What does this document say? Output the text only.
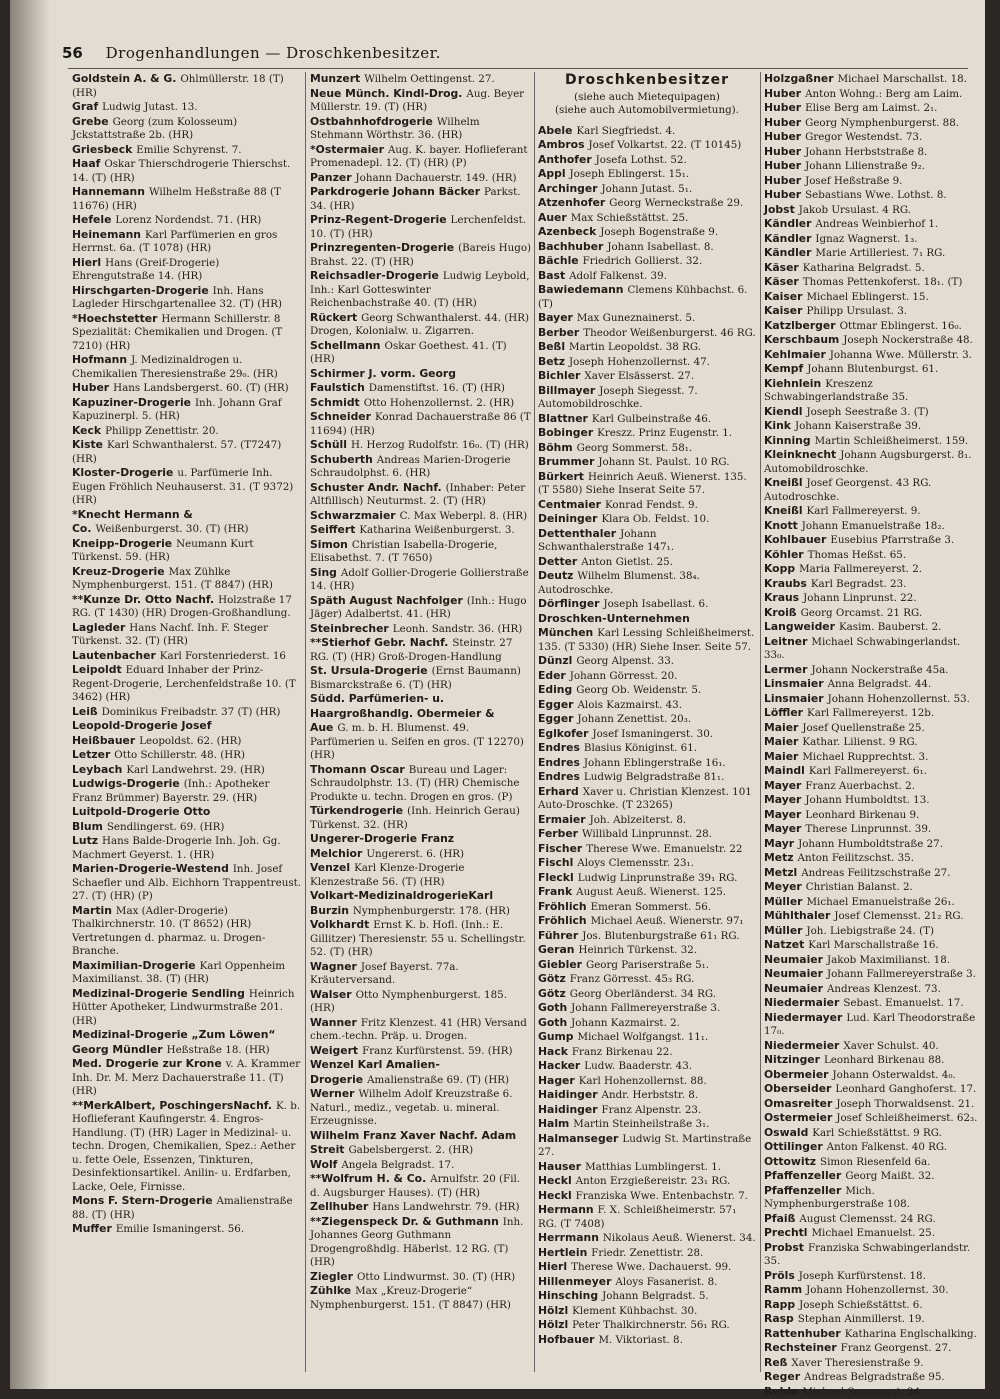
56 Drogenhandlungen — Droschkenbesitzer.
Goldstein A. & G. Ohlmüllerstr. 18 (T) (HR)
Graf Ludwig Jutast. 13.
Grebe Georg (zum Kolosseum) Jckstattstraße 2b. (HR)
Griesbeck Emilie Schyrenst. 7.
Haaf Oskar Thierschdrogerie Thierschst. 14. (T) (HR)
Hannemann Wilhelm Heßstraße 88 (T 11676) (HR)
Hefele Lorenz Nordendst. 71. (HR)
Heinemann Karl Parfümerien en gros Herrnst. 6a. (T 1078) (HR)
Hierl Hans (Greif-Drogerie) Ehrengutstraße 14. (HR)
Hirschgarten-Drogerie Inh. Hans Lagleder Hirschgartenallee 32. (T) (HR)
*Hoechstetter Hermann Schillerstr. 8 Spezialität: Chemikalien und Drogen. (T 7210) (HR)
Hofmann J. Medizinaldrogen u. Chemikalien Theresienstraße 29₀. (HR)
Huber Hans Landsbergerst. 60. (T) (HR)
Kapuziner-Drogerie Inh. Johann Graf Kapuzinerpl. 5. (HR)
Keck Philipp Zenettistr. 20.
Kiste Karl Schwanthalerst. 57. (T7247) (HR)
Kloster-Drogerie u. Parfümerie Inh. Eugen Fröhlich Neuhauserst. 31. (T 9372) (HR)
*Knecht Hermann & Co. Weißenburgerst. 30. (T) (HR)
Kneipp-Drogerie Neumann Kurt Türkenst. 59. (HR)
Kreuz-Drogerie Max Zühlke Nymphenburgerst. 151. (T 8847) (HR)
**Kunze Dr. Otto Nachf. Holzstraße 17 RG. (T 1430) (HR) Drogen-Großhandlung.
Lagleder Hans Nachf. Inh. F. Steger Türkenst. 32. (T) (HR)
Lautenbacher Karl Forstenriederst. 16
Leipoldt Eduard Inhaber der Prinz-Regent-Drogerie, Lerchenfeldstraße 10. (T 3462) (HR)
Leiß Dominikus Freibadstr. 37 (T) (HR)
Leopold-Drogerie Josef Heißbauer Leopoldst. 62. (HR)
Letzer Otto Schillerstr. 48. (HR)
Leybach Karl Landwehrst. 29. (HR)
Ludwigs-Drogerie (Inh.: Apotheker Franz Brümmer) Bayerstr. 29. (HR)
Luitpold-Drogerie Otto Blum Sendlingerst. 69. (HR)
Lutz Hans Balde-Drogerie Inh. Joh. Gg. Machmert Geyerst. 1. (HR)
Marien-Drogerie-Westend Inh. Josef Schaefler und Alb. Eichhorn Trappentreust. 27. (T) (HR) (P)
Martin Max (Adler-Drogerie) Thalkirchnerstr. 10. (T 8652) (HR) Vertretungen d. pharmaz. u. Drogen-Branche.
Maximilian-Drogerie Karl Oppenheim Maximilianst. 38. (T) (HR)
Medizinal-Drogerie Sendling Heinrich Hütter Apotheker, Lindwurmstraße 201. (HR)
Medizinal-Drogerie „Zum Löwen“ Georg Mündler Heßstraße 18. (HR)
Med. Drogerie zur Krone v. A. Krammer Inh. Dr. M. Merz Dachauerstraße 11. (T) (HR)
**MerkAlbert, PoschingersNachf. K. b. Hoflieferant Kaufingerstr. 4. Engros-Handlung. (T) (HR) Lager in Medizinal- u. techn. Drogen, Chemikalien, Spez.: Aether u. fette Oele, Essenzen, Tinkturen, Desinfektionsartikel. Anilin- u. Erdfarben, Lacke, Oele, Firnisse.
Mons F. Stern-Drogerie Amalienstraße 88. (T) (HR)
Muffer Emilie Ismaningerst. 56.
Munzert Wilhelm Oettingenst. 27.
Neue Münch. Kindl-Drog. Aug. Beyer Müllerstr. 19. (T) (HR)
Ostbahnhofdrogerie Wilhelm Stehmann Wörthstr. 36. (HR)
*Ostermaier Aug. K. bayer. Hoflieferant Promenadepl. 12. (T) (HR) (P)
Panzer Johann Dachauerstr. 149. (HR)
Parkdrogerie Johann Bäcker Parkst. 34. (HR)
Prinz-Regent-Drogerie Lerchenfeldst. 10. (T) (HR)
Prinzregenten-Drogerie (Bareis Hugo) Brahst. 22. (T) (HR)
Reichsadler-Drogerie Ludwig Leybold, Inh.: Karl Gotteswinter Reichenbachstraße 40. (T) (HR)
Rückert Georg Schwanthalerst. 44. (HR) Drogen, Kolonialw. u. Zigarren.
Schellmann Oskar Goethest. 41. (T) (HR)
Schirmer J. vorm. Georg Faulstich Damenstiftst. 16. (T) (HR)
Schmidt Otto Hohenzollernst. 2. (HR)
Schneider Konrad Dachauerstraße 86 (T 11694) (HR)
Schüll H. Herzog Rudolfstr. 16₀. (T) (HR)
Schuberth Andreas Marien-Drogerie Schraudolphst. 6. (HR)
Schuster Andr. Nachf. (Inhaber: Peter Altfillisch) Neuturmst. 2. (T) (HR)
Schwarzmaier C. Max Weberpl. 8. (HR)
Seiffert Katharina Weißenburgerst. 3.
Simon Christian Isabella-Drogerie, Elisabethst. 7. (T 7650)
Sing Adolf Gollier-Drogerie Gollierstraße 14. (HR)
Späth August Nachfolger (Inh.: Hugo Jäger) Adalbertst. 41. (HR)
Steinbrecher Leonh. Sandstr. 36. (HR)
**Stierhof Gebr. Nachf. Steinstr. 27 RG. (T) (HR) Groß-Drogen-Handlung
St. Ursula-Drogerie (Ernst Baumann) Bismarckstraße 6. (T) (HR)
Südd. Parfümerien- u. Haargroßhandlg. Obermeier & Aue G. m. b. H. Blumenst. 49. Parfümerien u. Seifen en gros. (T 12270) (HR)
Thomann Oscar Bureau und Lager: Schraudolphstr. 13. (T) (HR) Chemische Produkte u. techn. Drogen en gros. (P)
Türkendrogerie (Inh. Heinrich Gerau) Türkenst. 32. (HR)
Ungerer-Drogerie Franz Melchior Ungererst. 6. (HR)
Venzel Karl Klenze-Drogerie Klenzestraße 56. (T) (HR)
Volkart-MedizinaldrogerieKarl Burzin Nymphenburgerstr. 178. (HR)
Volkhardt Ernst K. b. Hofl. (Inh.: E. Gillitzer) Theresienstr. 55 u. Schellingstr. 52. (T) (HR)
Wagner Josef Bayerst. 77a. Kräuterversand.
Walser Otto Nymphenburgerst. 185. (HR)
Wanner Fritz Klenzest. 41 (HR) Versand chem.-techn. Präp. u. Drogen.
Weigert Franz Kurfürstenst. 59. (HR)
Wenzel Karl Amalien-Drogerie Amalienstraße 69. (T) (HR)
Werner Wilhelm Adolf Kreuzstraße 6. Naturl., mediz., vegetab. u. mineral. Erzeugnisse.
Wilhelm Franz Xaver Nachf. Adam Streit Gabelsbergerst. 2. (HR)
Wolf Angela Belgradst. 17.
**Wolfrum H. & Co. Arnulfstr. 20 (Fil. d. Augsburger Hauses). (T) (HR)
Zellhuber Hans Landwehrstr. 79. (HR)
**Ziegenspeck Dr. & Guthmann Inh. Johannes Georg Guthmann Drogengroßhdlg. Häberlst. 12 RG. (T) (HR)
Ziegler Otto Lindwurmst. 30. (T) (HR)
Zühlke Max „Kreuz-Drogerie“ Nymphenburgerst. 151. (T 8847) (HR)
Droschkenbesitzer
(siehe auch Mietequipagen)
(siehe auch Automobilvermietung).
Abele Karl Siegfriedst. 4.
Ambros Josef Volkartst. 22. (T 10145)
Anthofer Josefa Lothst. 52.
Appl Joseph Eblingerst. 15₁.
Archinger Johann Jutast. 5₁.
Atzenhofer Georg Werneckstraße 29.
Auer Max Schießstättst. 25.
Azenbeck Joseph Bogenstraße 9.
Bachhuber Johann Isabellast. 8.
Bächle Friedrich Gollierst. 32.
Bast Adolf Falkenst. 39.
Bawiedemann Clemens Kühbachst. 6. (T)
Bayer Max Guneznainerst. 5.
Berber Theodor Weißenburgerst. 46 RG.
Beßl Martin Leopoldst. 38 RG.
Betz Joseph Hohenzollernst. 47.
Bichler Xaver Elsässerst. 27.
Billmayer Joseph Siegesst. 7. Automobildroschke.
Blattner Karl Gulbeinstraße 46.
Bobinger Kreszz. Prinz Eugenstr. 1.
Böhm Georg Sommerst. 58₁.
Brummer Johann St. Paulst. 10 RG.
Bürkert Heinrich Aeuß. Wienerst. 135. (T 5580) Siehe Inserat Seite 57.
Centmaier Konrad Fendst. 9.
Deininger Klara Ob. Feldst. 10.
Dettenthaler Johann Schwanthalerstraße 147₁.
Detter Anton Gietlst. 25.
Deutz Wilhelm Blumenst. 38₄. Autodroschke.
Dörflinger Joseph Isabellast. 6.
Droschken-Unternehmen München Karl Lessing Schleißheimerst. 135. (T 5330) (HR) Siehe Inser. Seite 57.
Dünzl Georg Alpenst. 33.
Eder Johann Görresst. 20.
Eding Georg Ob. Weidenstr. 5.
Egger Alois Kazmairst. 43.
Egger Johann Zenettist. 20₃.
Eglkofer Josef Ismaningerst. 30.
Endres Blasius Königinst. 61.
Endres Johann Eblingerstraße 16₁.
Endres Ludwig Belgradstraße 81₁.
Erhard Xaver u. Christian Klenzest. 101 Auto-Droschke. (T 23265)
Ermaier Joh. Ablzeiterst. 8.
Ferber Willibald Linprunnst. 28.
Fischer Therese Wwe. Emanuelstr. 22
Fischl Aloys Clemensstr. 23₁.
Fleckl Ludwig Linprunstraße 39₁ RG.
Frank August Aeuß. Wienerst. 125.
Fröhlich Emeran Sommerst. 56.
Fröhlich Michael Aeuß. Wienerstr. 97₁
Führer Jos. Blutenburgstraße 61₁ RG.
Geran Heinrich Türkenst. 32.
Giebler Georg Pariserstraße 5₁.
Götz Franz Görresst. 45₃ RG.
Götz Georg Oberländerst. 34 RG.
Goth Johann Fallmereyerstraße 3.
Goth Johann Kazmairst. 2.
Gump Michael Wolfgangst. 11₁.
Hack Franz Birkenau 22.
Hacker Ludw. Baaderstr. 43.
Hager Karl Hohenzollernst. 88.
Haidinger Andr. Herbststr. 8.
Haidinger Franz Alpenstr. 23.
Halm Martin Steinheilstraße 3₁.
Halmanseger Ludwig St. Martinstraße 27.
Hauser Matthias Lumblingerst. 1.
Heckl Anton Erzgießereistr. 23₁ RG.
Heckl Franziska Wwe. Entenbachstr. 7.
Hermann F. X. Schleißheimerstr. 57₁ RG. (T 7408)
Herrmann Nikolaus Aeuß. Wienerst. 34.
Hertlein Friedr. Zenettistr. 28.
Hierl Therese Wwe. Dachauerst. 99.
Hillenmeyer Aloys Fasanerist. 8.
Hinsching Johann Belgradst. 5.
Hölzl Klement Kühbachst. 30.
Hölzl Peter Thalkirchnerstr. 56₁ RG.
Hofbauer M. Viktoriast. 8.
Holzgaßner Michael Marschallst. 18.
Huber Anton Wohng.: Berg am Laim.
Huber Elise Berg am Laimst. 2₁.
Huber Georg Nymphenburgerst. 88.
Huber Gregor Westendst. 73.
Huber Johann Herbststraße 8.
Huber Johann Lilienstraße 9₂.
Huber Josef Heßstraße 9.
Huber Sebastians Wwe. Lothst. 8.
Jobst Jakob Ursulast. 4 RG.
Kändler Andreas Weinbierhof 1.
Kändler Ignaz Wagnerst. 1₃.
Kändler Marie Artilleriest. 7₁ RG.
Käser Katharina Belgradst. 5.
Käser Thomas Pettenkoferst. 18₁. (T)
Kaiser Michael Eblingerst. 15.
Kaiser Philipp Ursulast. 3.
Katzlberger Ottmar Eblingerst. 16₀.
Kerschbaum Joseph Nockerstraße 48.
Kehlmaier Johanna Wwe. Müllerstr. 3.
Kempf Johann Blutenburgst. 61.
Kiehnlein Kreszenz Schwabingerlandstraße 35.
Kiendl Joseph Seestraße 3. (T)
Kink Johann Kaiserstraße 39.
Kinning Martin Schleißheimerst. 159.
Kleinknecht Johann Augsburgerst. 8₁. Automobildroschke.
Kneißl Josef Georgenst. 43 RG. Autodroschke.
Kneißl Karl Fallmereyerst. 9.
Knott Johann Emanuelstraße 18₂.
Kohlbauer Eusebius Pfarrstraße 3.
Köhler Thomas Heßst. 65.
Kopp Maria Fallmereyerst. 2.
Kraubs Karl Begradst. 23.
Kraus Johann Linprunst. 22.
Kroiß Georg Orcamst. 21 RG.
Langweider Kasim. Bauberst. 2.
Leitner Michael Schwabingerlandst. 33₀.
Lermer Johann Nockerstraße 45a.
Linsmaier Anna Belgradst. 44.
Linsmaier Johann Hohenzollernst. 53.
Löffler Karl Fallmereyerst. 12b.
Maier Josef Quellenstraße 25.
Maier Kathar. Lilienst. 9 RG.
Maier Michael Rupprechtst. 3.
Maindl Karl Fallmereyerst. 6₁.
Mayer Franz Auerbachst. 2.
Mayer Johann Humboldtst. 13.
Mayer Leonhard Birkenau 9.
Mayer Therese Linprunnst. 39.
Mayr Johann Humboldtstraße 27.
Metz Anton Feilitzschst. 35.
Metzl Andreas Feilitzschstraße 27.
Meyer Christian Balanst. 2.
Müller Michael Emanuelstraße 26₁.
Mühlthaler Josef Clemensst. 21₂ RG.
Müller Joh. Liebigstraße 24. (T)
Natzet Karl Marschallstraße 16.
Neumaier Jakob Maximilianst. 18.
Neumaier Johann Fallmereyerstraße 3.
Neumaier Andreas Klenzest. 73.
Niedermaier Sebast. Emanuelst. 17.
Niedermayer Lud. Karl Theodorstraße 17₀.
Niedermeier Xaver Schulst. 40.
Nitzinger Leonhard Birkenau 88.
Obermeier Johann Osterwaldst. 4₀.
Oberseider Leonhard Ganghoferst. 17.
Omasreiter Joseph Thorwaldsenst. 21.
Ostermeier Josef Schleißheimerst. 62₃.
Oswald Karl Schießstättst. 9 RG.
Ottilinger Anton Falkenst. 40 RG.
Ottowitz Simon Riesenfeld 6a.
Pfaffenzeller Georg Maißt. 32.
Pfaffenzeller Mich. Nymphenburgerstraße 108.
Pfaiß August Clemensst. 24 RG.
Prechtl Michael Emanuelst. 25.
Probst Franziska Schwabingerlandstr. 35.
Pröls Joseph Kurfürstenst. 18.
Ramm Johann Hohenzollernst. 30.
Rapp Joseph Schießstättst. 6.
Rasp Stephan Ainmillerst. 19.
Rattenhuber Katharina Englschalking.
Rechsteiner Franz Georgenst. 27.
Reß Xaver Theresienstraße 9.
Reger Andreas Belgradstraße 95.
Rehle Michael Sommerst. 24.
